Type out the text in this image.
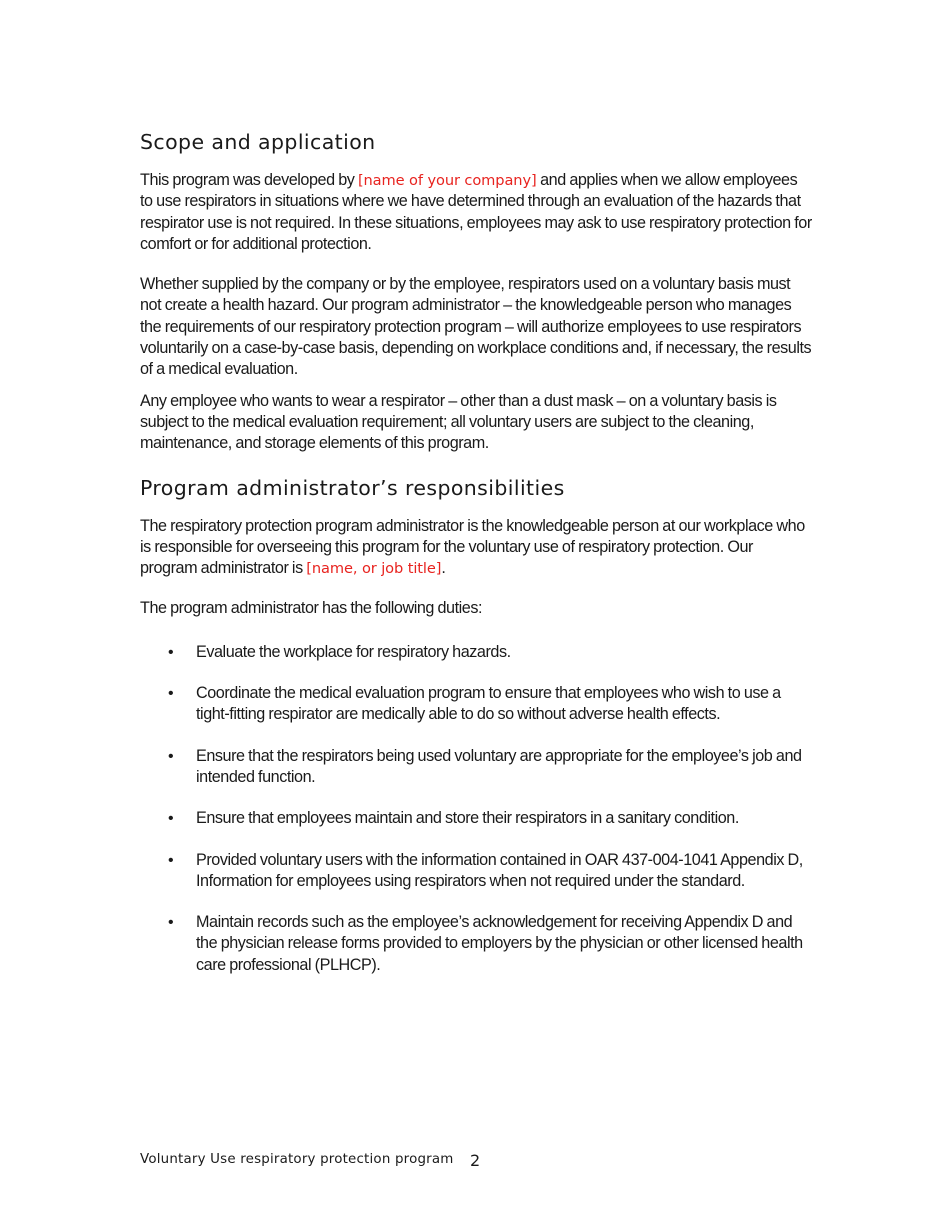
Scope and application

This program was developed by [name of your company] and applies when we allow employees to use respirators in situations where we have determined through an evaluation of the hazards that respirator use is not required. In these situations, employees may ask to use respiratory protection for comfort or for additional protection.

Whether supplied by the company or by the employee, respirators used on a voluntary basis must not create a health hazard. Our program administrator – the knowledgeable person who manages the requirements of our respiratory protection program – will authorize employees to use respirators voluntarily on a case-by-case basis, depending on workplace conditions and, if necessary, the results of a medical evaluation.

Any employee who wants to wear a respirator – other than a dust mask – on a voluntary basis is subject to the medical evaluation requirement; all voluntary users are subject to the cleaning, maintenance, and storage elements of this program.

Program administrator’s responsibilities

The respiratory protection program administrator is the knowledgeable person at our workplace who is responsible for overseeing this program for the voluntary use of respiratory protection. Our program administrator is [name, or job title].

The program administrator has the following duties:

• Evaluate the workplace for respiratory hazards.
• Coordinate the medical evaluation program to ensure that employees who wish to use a tight-fitting respirator are medically able to do so without adverse health effects.
• Ensure that the respirators being used voluntary are appropriate for the employee’s job and intended function.
• Ensure that employees maintain and store their respirators in a sanitary condition.
• Provided voluntary users with the information contained in OAR 437-004-1041 Appendix D, Information for employees using respirators when not required under the standard.
• Maintain records such as the employee’s acknowledgement for receiving Appendix D and the physician release forms provided to employers by the physician or other licensed health care professional (PLHCP).
Voluntary Use respiratory protection program 2
